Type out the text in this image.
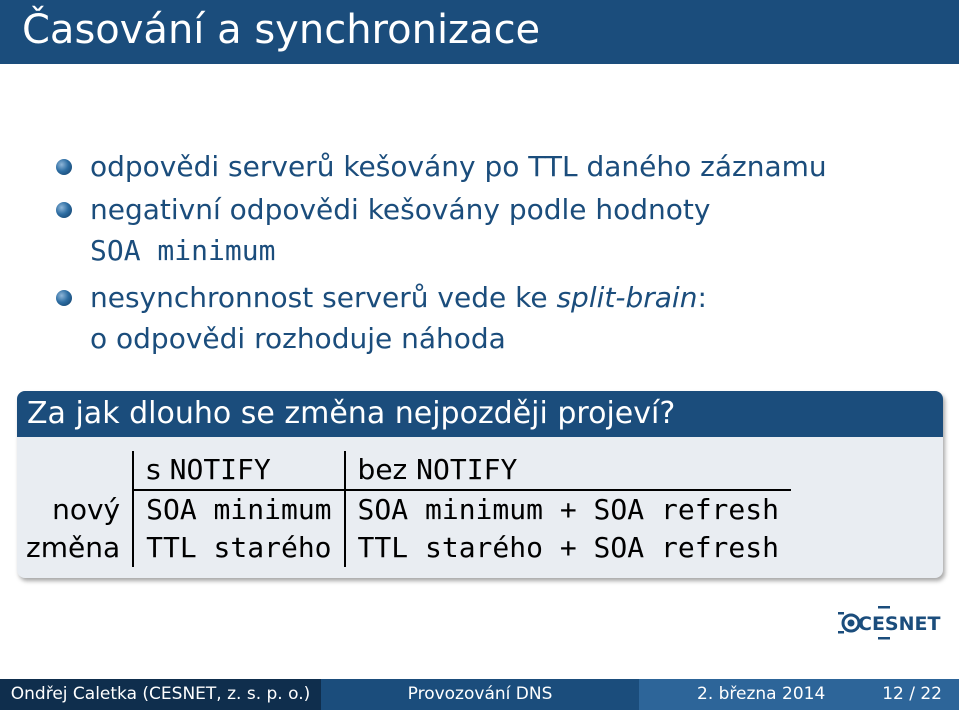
Časování a synchronizace
odpovědi serverů kešovány po TTL daného záznamu
negativní odpovědi kešovány podle hodnoty
SOA minimum
nesynchronnost serverů vede ke split-brain:
o odpovědi rozhoduje náhoda
Za jak dlouho se změna nejpozději projeví?
	s NOTIFY	bez NOTIFY
nový	SOA minimum	SOA minimum + SOA refresh
změna	TTL starého	TTL starého + SOA refresh
CESNET
Ondřej Caletka (CESNET, z. s. p. o.)	Provozování DNS	2. března 2014	12 / 22
